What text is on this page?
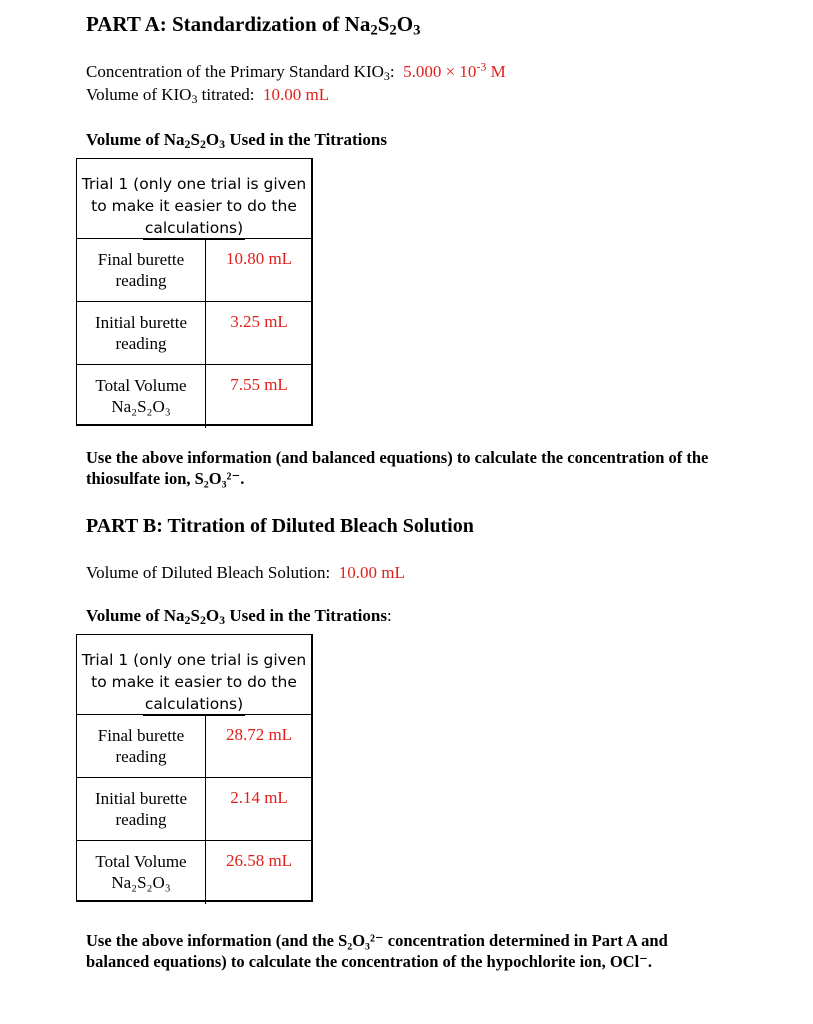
PART A: Standardization of $Na_2S_2O_3$
Concentration of the Primary Standard $KIO_3$:  $5.000 \times 10^{-3}$ M
Volume of $KIO_3$ titrated:  10.00 mL
Volume of $Na_2S_2O_3$ Used in the Titrations
Trial 1 (only one trial is given
to make it easier to do the
calculations)
Final burette
reading
10.80 mL
Initial burette
reading
3.25 mL
Total Volume
Na₂S₂O₃
7.55 mL
Use the above information (and balanced equations) to calculate the concentration of the
thiosulfate ion, S₂O₃²⁻.
PART B: Titration of Diluted Bleach Solution
Volume of Diluted Bleach Solution:  10.00 mL
Volume of $Na_2S_2O_3$ Used in the Titrations:
Trial 1 (only one trial is given
to make it easier to do the
calculations)
Final burette
reading
28.72 mL
Initial burette
reading
2.14 mL
Total Volume
Na₂S₂O₃
26.58 mL
Use the above information (and the S₂O₃²⁻ concentration determined in Part A and
balanced equations) to calculate the concentration of the hypochlorite ion, OCl⁻.
